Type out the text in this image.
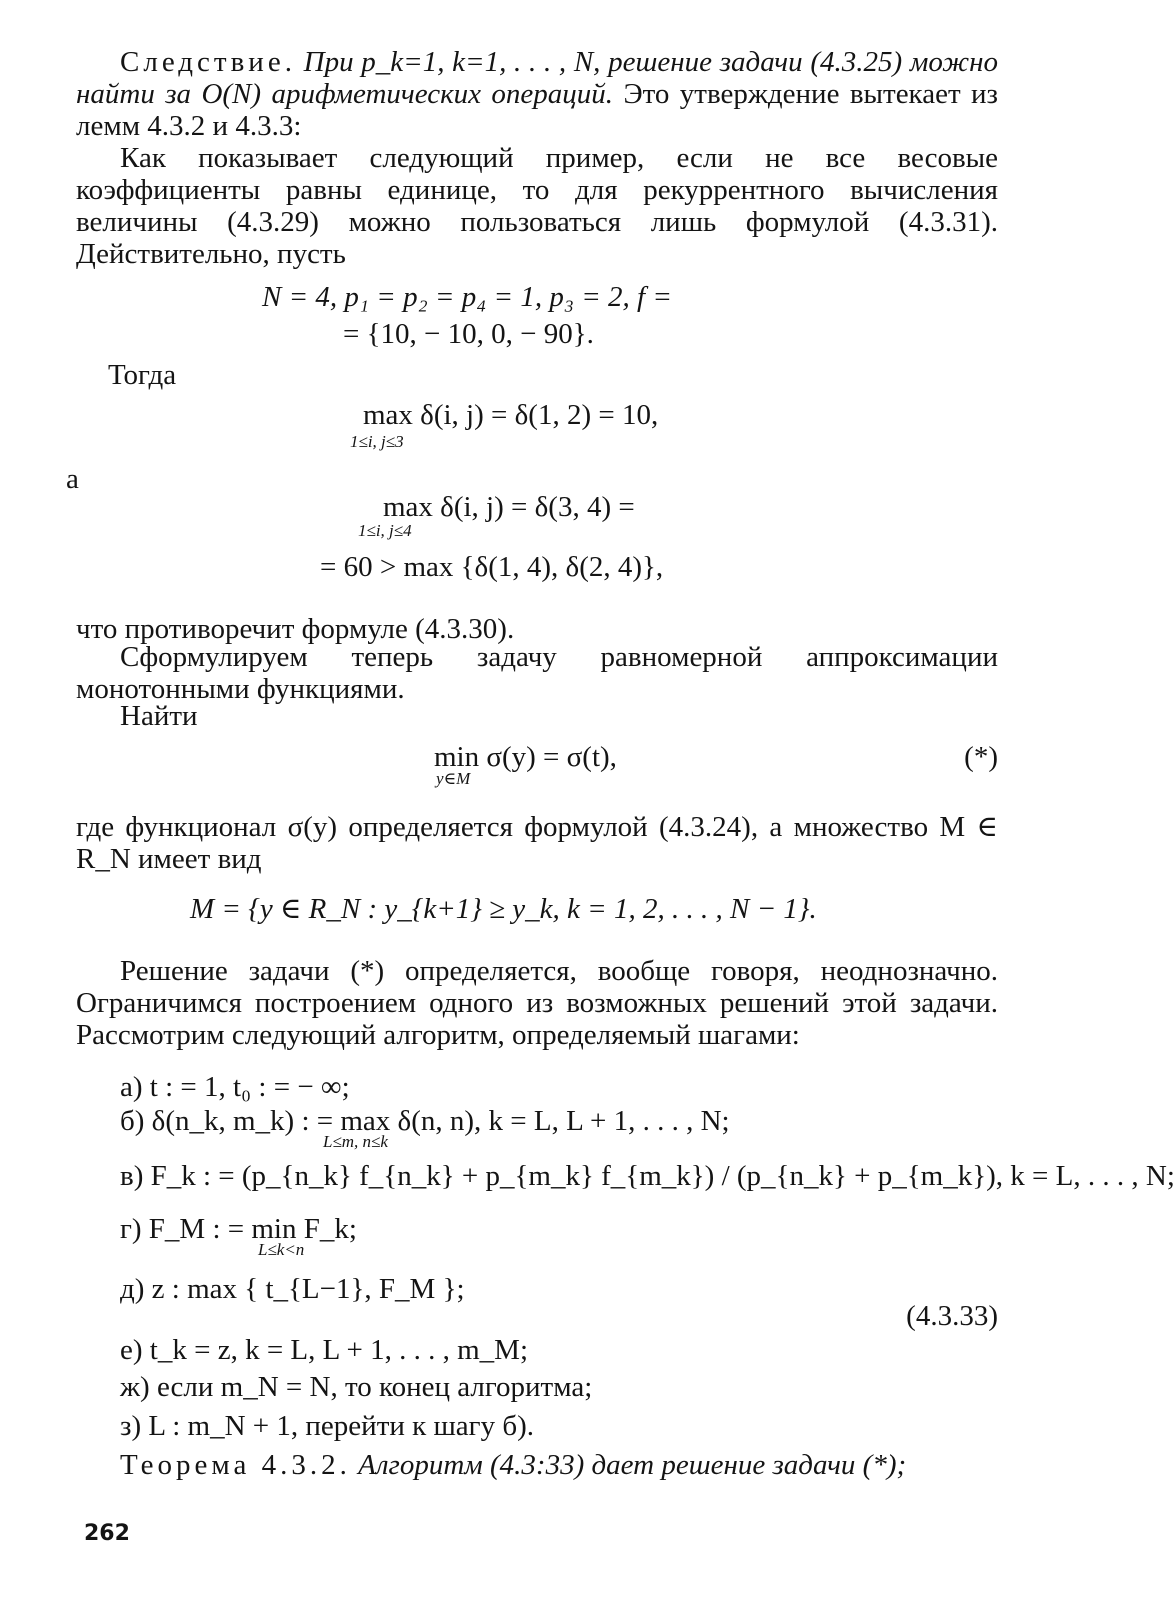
Следствие. При p_k=1, k=1, . . . , N, решение задачи (4.3.25) можно найти за O(N) арифметических операций. Это утверждение вытекает из лемм 4.3.2 и 4.3.3:

Как показывает следующий пример, если не все весовые коэффициенты равны единице, то для рекуррентного вычисления величины (4.3.29) можно пользоваться лишь формулой (4.3.31). Действительно, пусть

N = 4, p₁ = p₂ = p₄ = 1, p₃ = 2, f =
= {10, − 10, 0, − 90}.
Тогда
max δ(i, j) = δ(1, 2) = 10,
1≤i, j≤3
а
max δ(i, j) = δ(3, 4) =
1≤i, j≤4
= 60 > max {δ(1, 4), δ(2, 4)},
что противоречит формуле (4.3.30).

Сформулируем теперь задачу равномерной аппроксимации монотонными функциями.

Найти
min σ(y) = σ(t),
y∈M
(*)

где функционал σ(y) определяется формулой (4.3.24), а множество M ∈ R_N имеет вид

M = {y ∈ R_N : y_{k+1} ≥ y_k, k = 1, 2, . . . , N − 1}.

Решение задачи (*) определяется, вообще говоря, неоднозначно. Ограничимся построением одного из возможных решений этой задачи. Рассмотрим следующий алгоритм, определяемый шагами:

а) t : = 1, t₀ : = − ∞;
б) δ(n_k, m_k) : = max δ(n, n), k = L, L + 1, . . . , N;
L≤m, n≤k
в) F_k : = (p_{n_k} f_{n_k} + p_{m_k} f_{m_k}) / (p_{n_k} + p_{m_k}), k = L, . . . , N;
г) F_M : = min F_k;
L≤k<n
д) z : max { t_{L−1}, F_M };
(4.3.33)
е) t_k = z, k = L, L + 1, . . . , m_M;
ж) если m_N = N, то конец алгоритма;
з) L : m_N + 1, перейти к шагу б).

Теорема 4.3.2. Алгоритм (4.3:33) дает решение задачи (*);

262
